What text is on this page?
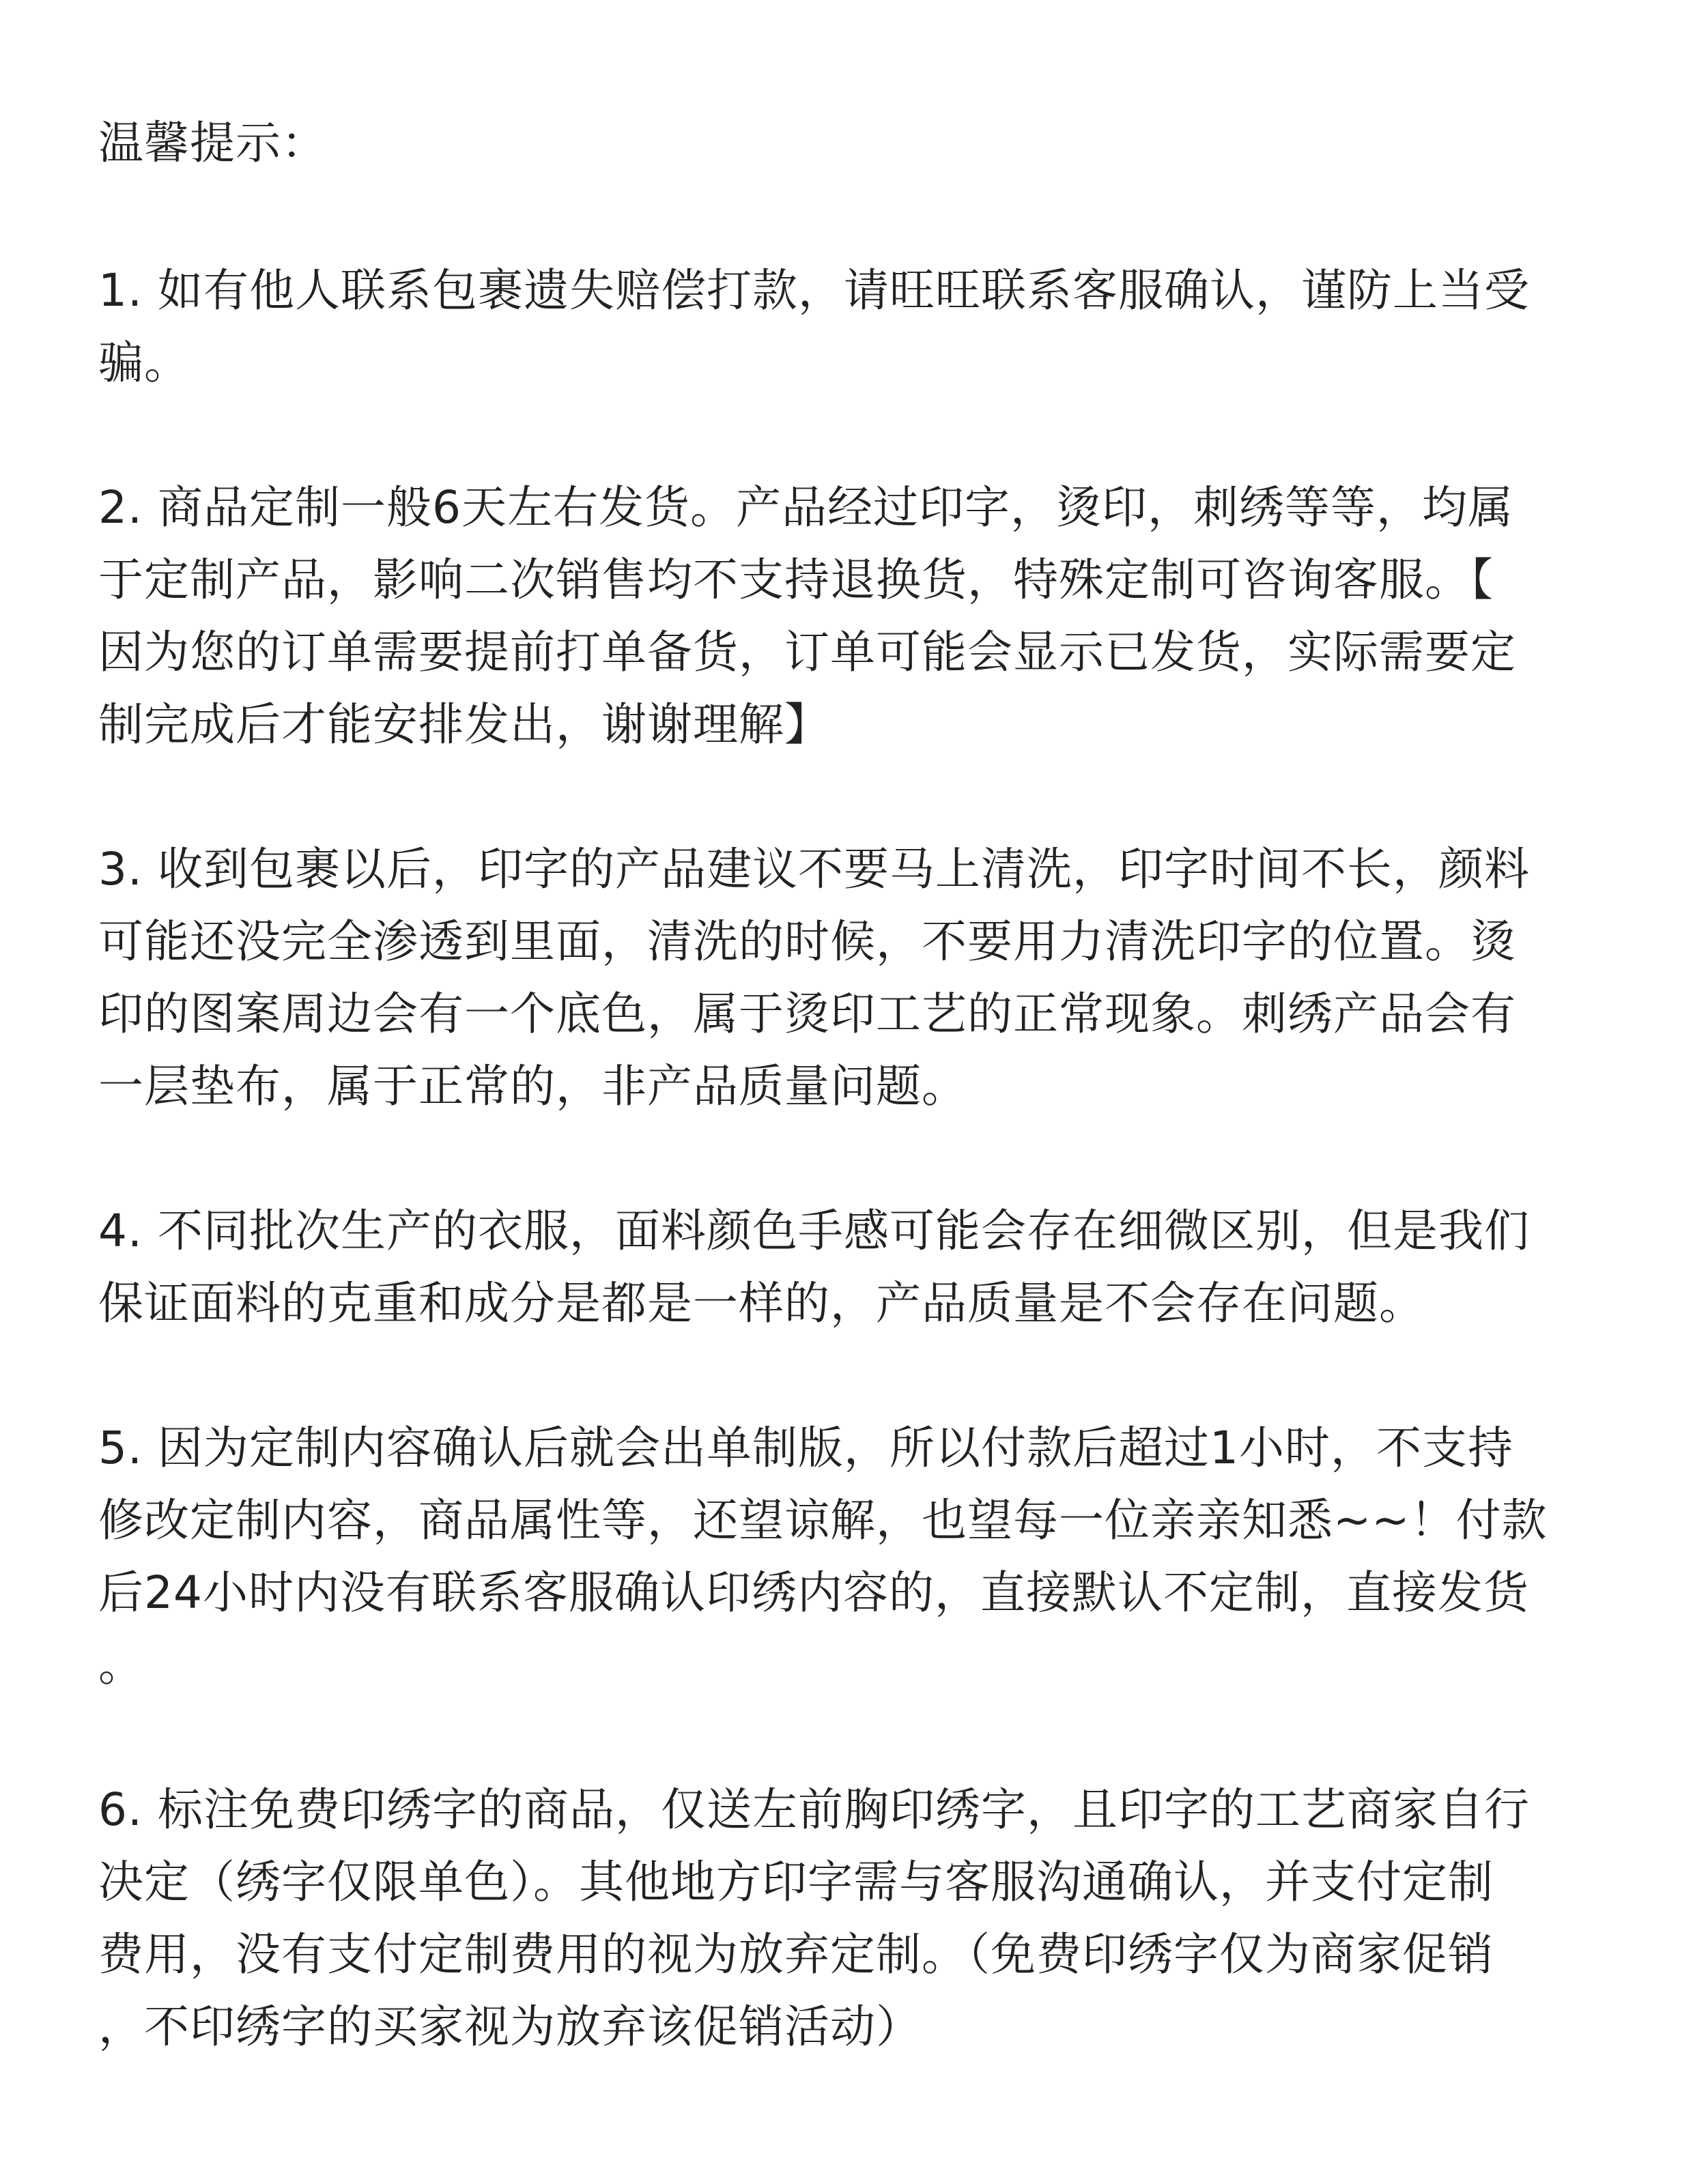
温馨提示：
1. 如有他人联系包裹遗失赔偿打款，请旺旺联系客服确认，谨防上当受
骗。
2. 商品定制一般6天左右发货。产品经过印字，烫印，刺绣等等，均属
于定制产品，影响二次销售均不支持退换货，特殊定制可咨询客服。【
因为您的订单需要提前打单备货，订单可能会显示已发货，实际需要定
制完成后才能安排发出，谢谢理解】
3. 收到包裹以后，印字的产品建议不要马上清洗，印字时间不长，颜料
可能还没完全渗透到里面，清洗的时候，不要用力清洗印字的位置。烫
印的图案周边会有一个底色，属于烫印工艺的正常现象。刺绣产品会有
一层垫布，属于正常的，非产品质量问题。
4. 不同批次生产的衣服，面料颜色手感可能会存在细微区别，但是我们
保证面料的克重和成分是都是一样的，产品质量是不会存在问题。
5. 因为定制内容确认后就会出单制版，所以付款后超过1小时，不支持
修改定制内容，商品属性等，还望谅解，也望每一位亲亲知悉~~！付款
后24小时内没有联系客服确认印绣内容的，直接默认不定制，直接发货
。
6. 标注免费印绣字的商品，仅送左前胸印绣字，且印字的工艺商家自行
决定（绣字仅限单色）。其他地方印字需与客服沟通确认，并支付定制
费用，没有支付定制费用的视为放弃定制。（免费印绣字仅为商家促销
，不印绣字的买家视为放弃该促销活动）
